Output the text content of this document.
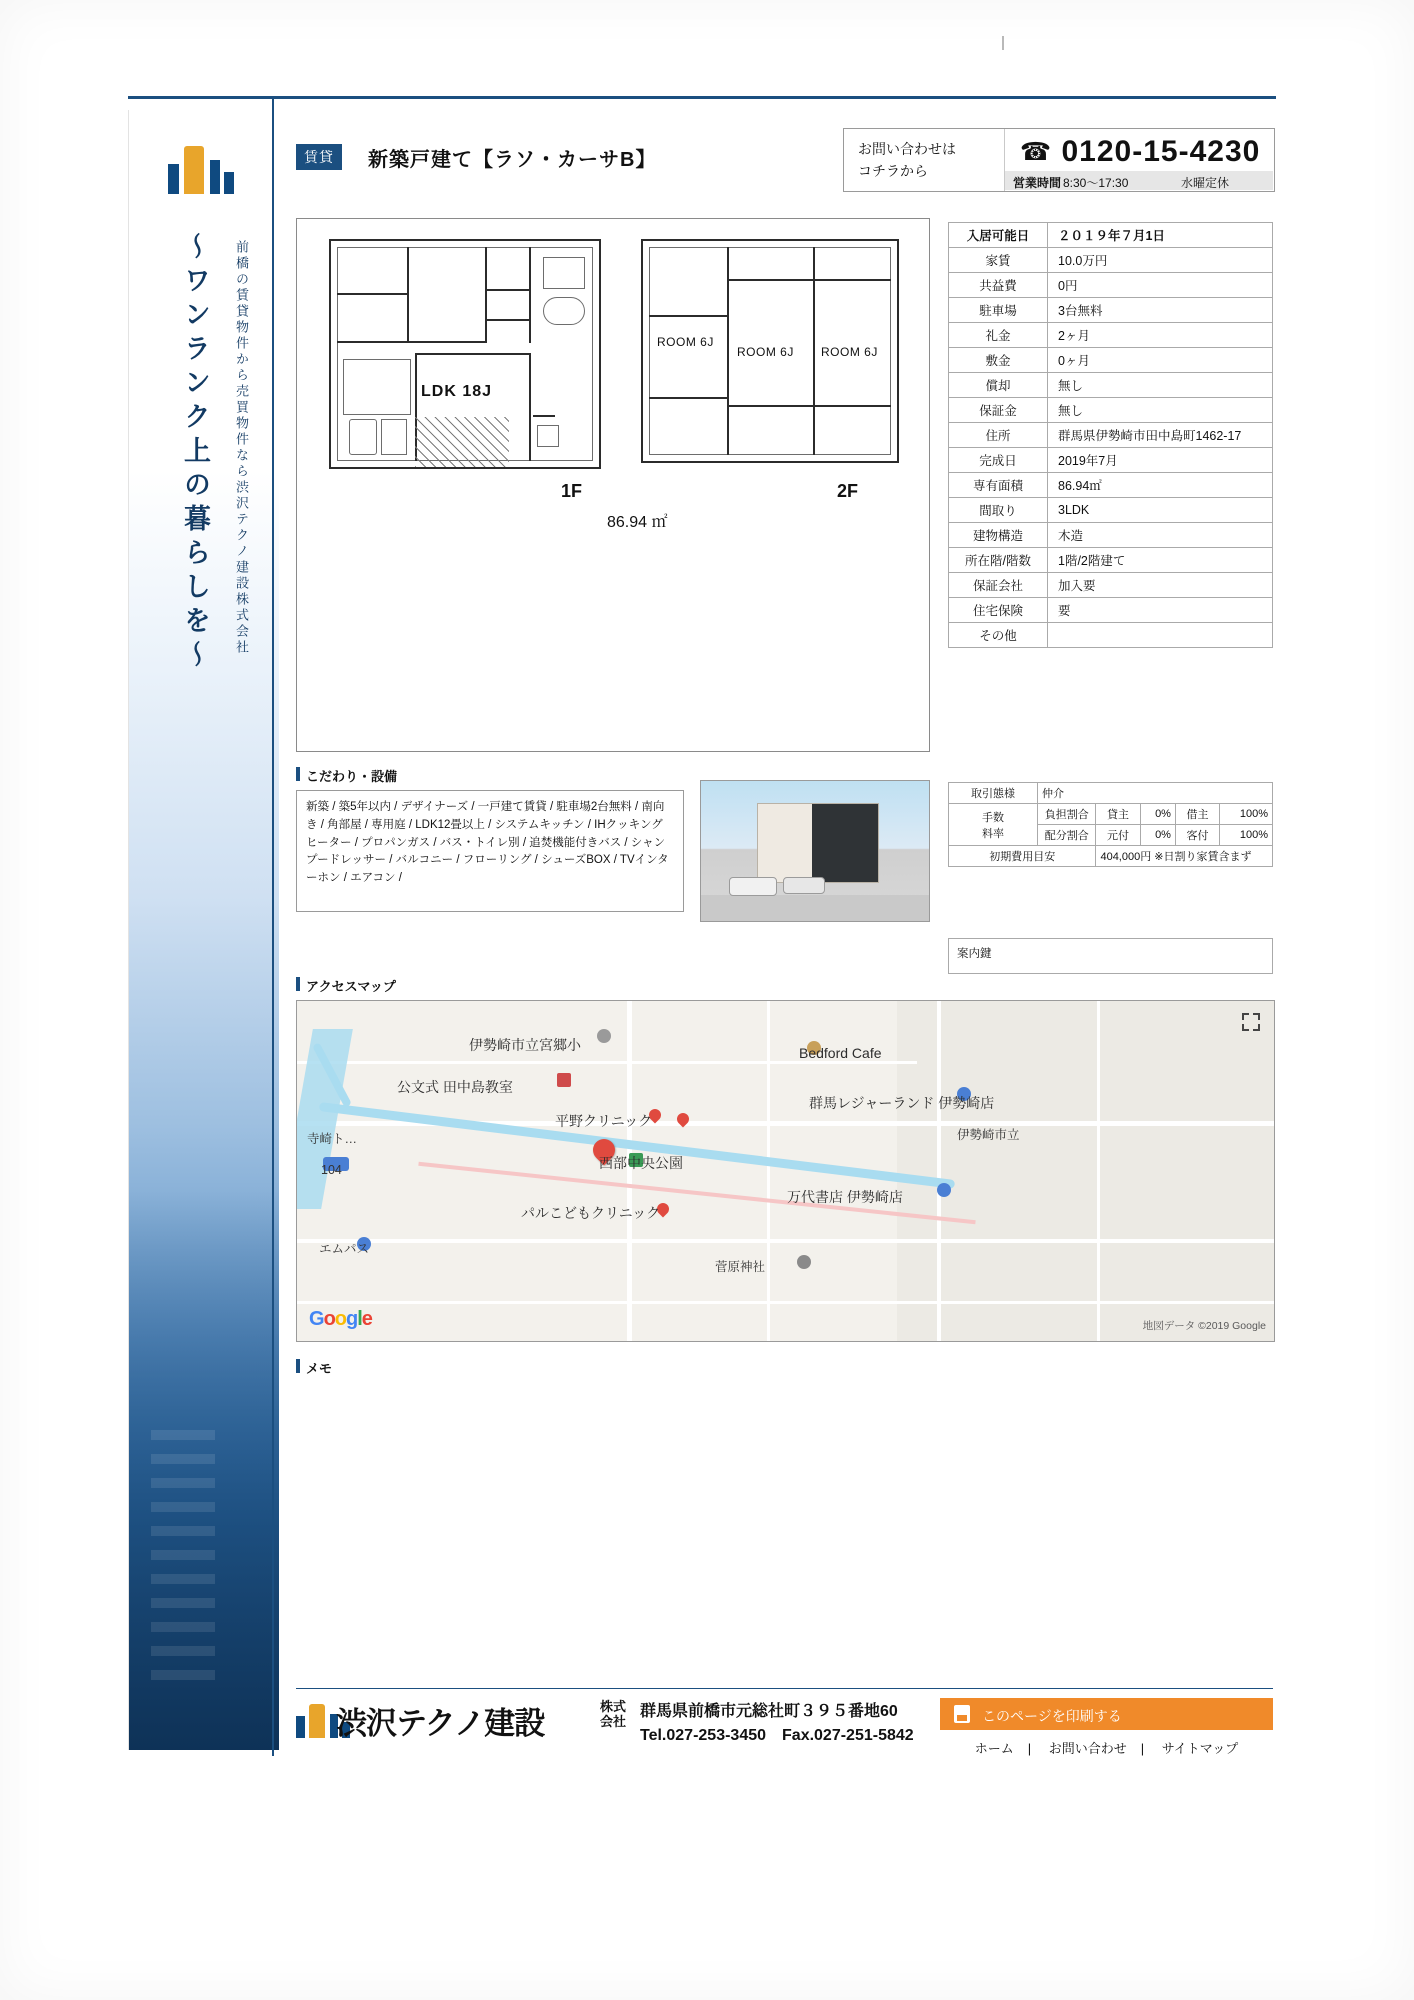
〜ワンランク上の暮らしを〜	前橋の賃貸物件から売買物件なら渋沢テクノ建設株式会社
賃貸	新築戸建て【ラソ・カーサB】	お問い合わせは
コチラから
☎ 0120-15-4230
営業時間 8:30〜17:30	水曜定休
LDK 18J
ROOM 6J
ROOM 6J ROOM 6J
1F	2F
86.94 ㎡
入居可能日	２０１９年７月1日
家賃	10.0万円
共益費	0円
駐車場	3台無料
礼金	2ヶ月
敷金	0ヶ月
償却	無し
保証金	無し
住所	群馬県伊勢崎市田中島町1462-17
完成日	2019年7月
専有面積	86.94㎡
間取り	3LDK
建物構造	木造
所在階/階数	1階/2階建て
保証会社	加入要
住宅保険	要
その他	
こだわり・設備

新築 / 築5年以内 / デザイナーズ / 一戸建て賃貸 / 駐車場2台無料 / 南向き / 角部屋 / 専用庭 / LDK12畳以上 / システムキッチン / IHクッキングヒーター / プロパンガス / バス・トイレ別 / 追焚機能付きバス / シャンプードレッサー / バルコニー / フローリング / シューズBOX / TVインターホン / エアコン /

取引態様	仲介				
手数
料率	負担割合	貸主	0%	借主	100%
	配分割合	元付	0%	客付	100%
初期費用目安		404,000円 ※日割り家賃含まず			
案内鍵
アクセスマップ
Google	地図データ ©2019 Google
伊勢崎市立宮郷小
公文式 田中島教室
Bedford Cafe
群馬レジャーランド 伊勢崎店
伊勢崎市立
平野クリニック
西部中央公園
万代書店 伊勢崎店
パルこどもクリニック
菅原神社
エムパス
寺崎ト…
104
メモ
渋沢テクノ建設	株式
会社
群馬県前橋市元総社町３９５番地60
Tel.027-253-3450　Fax.027-251-5842
このページを印刷する
ホーム | お問い合わせ | サイトマップ
